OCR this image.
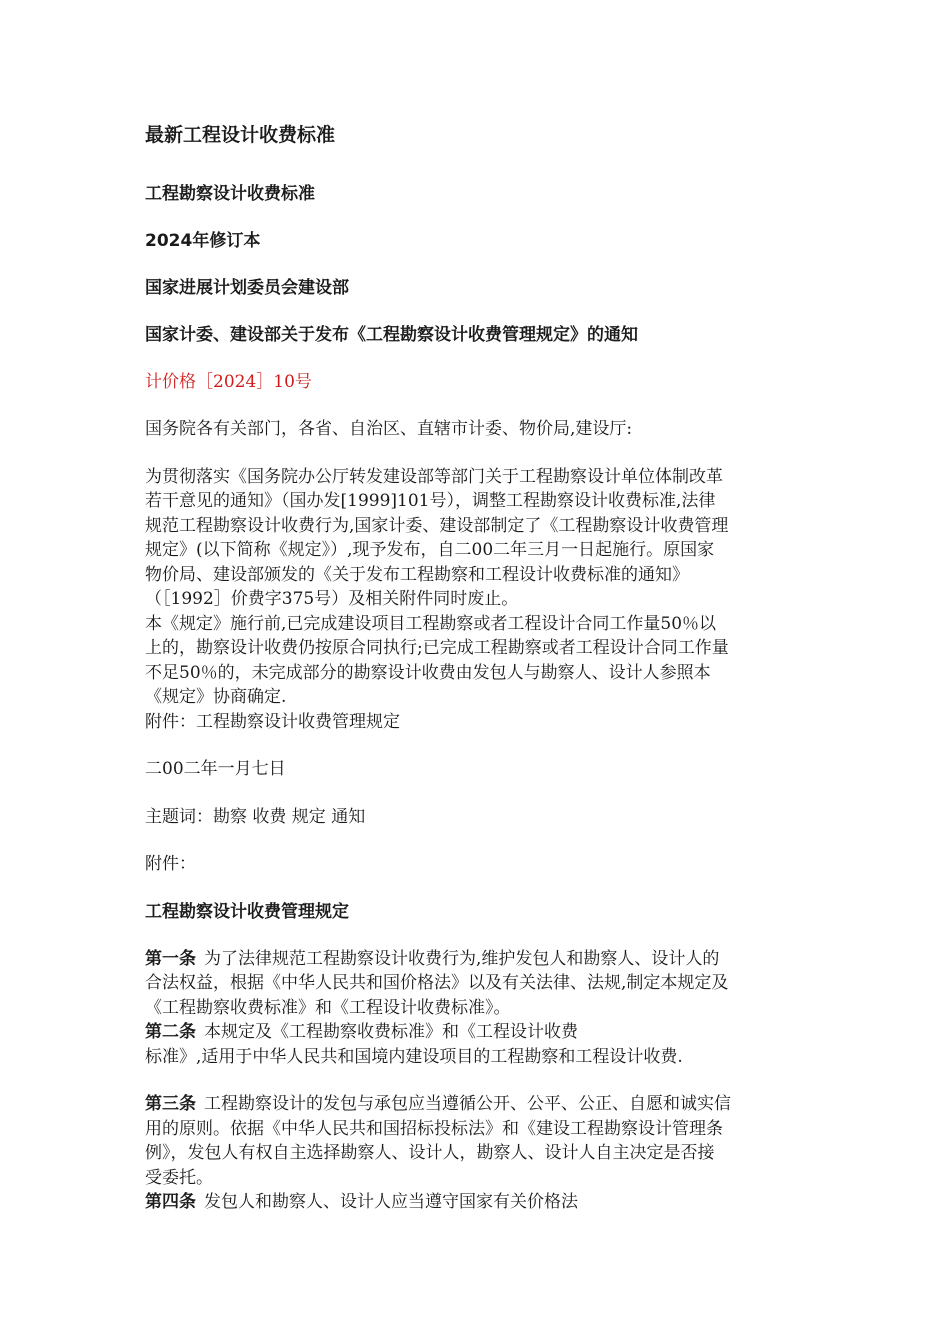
最新工程设计收费标准
工程勘察设计收费标准
2024年修订本
国家进展计划委员会建设部
国家计委、建设部关于发布《工程勘察设计收费管理规定》的通知
计价格［2024］10号
国务院各有关部门，各省、自治区、直辖市计委、物价局,建设厅:
为贯彻落实《国务院办公厅转发建设部等部门关于工程勘察设计单位体制改革
若干意见的通知》（国办发[1999]101号），调整工程勘察设计收费标准,法律
规范工程勘察设计收费行为,国家计委、建设部制定了《工程勘察设计收费管理
规定》(以下简称《规定》）,现予发布，自二00二年三月一日起施行。原国家
物价局、建设部颁发的《关于发布工程勘察和工程设计收费标准的通知》
（［1992］价费字375号）及相关附件同时废止。
本《规定》施行前,已完成建设项目工程勘察或者工程设计合同工作量50％以
上的，勘察设计收费仍按原合同执行;已完成工程勘察或者工程设计合同工作量
不足50％的，未完成部分的勘察设计收费由发包人与勘察人、设计人参照本
《规定》协商确定.
附件：工程勘察设计收费管理规定
二00二年一月七日
主题词：勘察 收费 规定 通知
附件：
工程勘察设计收费管理规定
第一条 为了法律规范工程勘察设计收费行为,维护发包人和勘察人、设计人的
合法权益，根据《中华人民共和国价格法》以及有关法律、法规,制定本规定及
《工程勘察收费标准》和《工程设计收费标准》。
第二条 本规定及《工程勘察收费标准》和《工程设计收费
标准》,适用于中华人民共和国境内建设项目的工程勘察和工程设计收费.
第三条 工程勘察设计的发包与承包应当遵循公开、公平、公正、自愿和诚实信
用的原则。依据《中华人民共和国招标投标法》和《建设工程勘察设计管理条
例》，发包人有权自主选择勘察人、设计人，勘察人、设计人自主决定是否接
受委托。
第四条 发包人和勘察人、设计人应当遵守国家有关价格法
